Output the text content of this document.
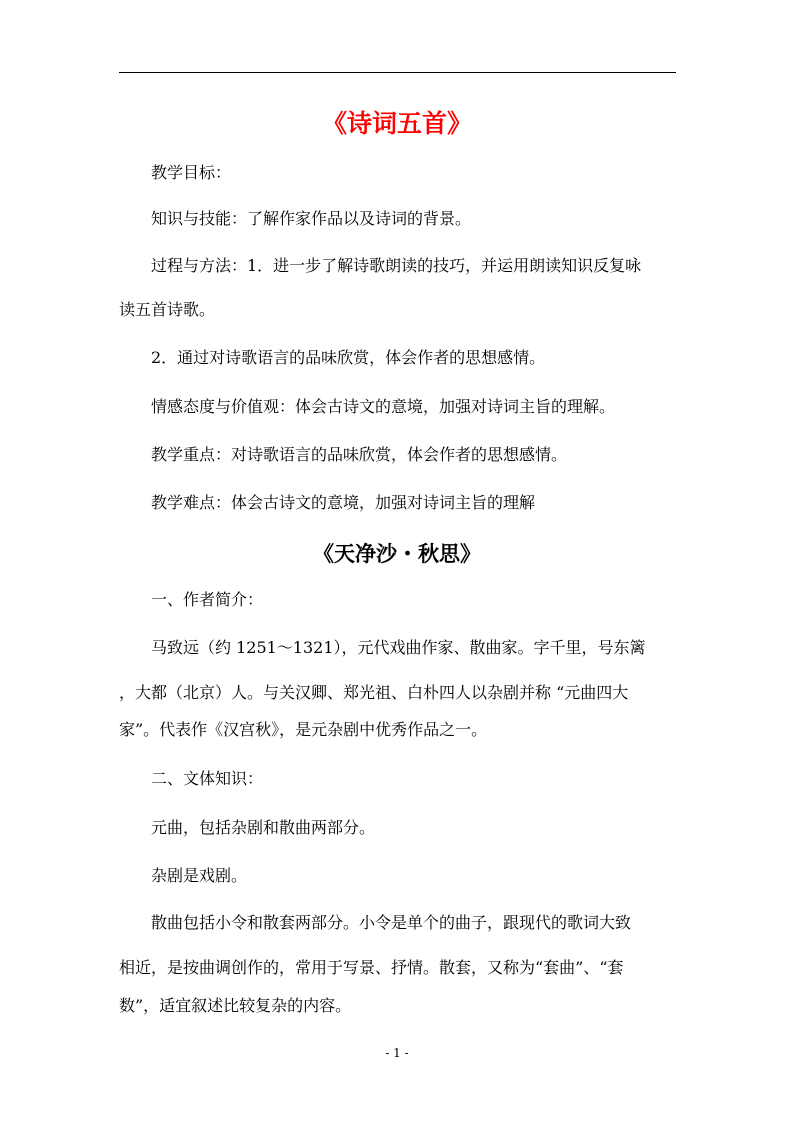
《诗词五首》
教学目标：
知识与技能：了解作家作品以及诗词的背景。
过程与方法：1．进一步了解诗歌朗读的技巧，并运用朗读知识反复咏
读五首诗歌。
2．通过对诗歌语言的品味欣赏，体会作者的思想感情。
情感态度与价值观：体会古诗文的意境，加强对诗词主旨的理解。
教学重点：对诗歌语言的品味欣赏，体会作者的思想感情。
教学难点：体会古诗文的意境，加强对诗词主旨的理解
《天净沙・秋思》
一、作者简介：
马致远（约 1251～1321），元代戏曲作家、散曲家。字千里，号东篱
，大都（北京）人。与关汉卿、郑光祖、白朴四人以杂剧并称 “元曲四大
家”。代表作《汉宫秋》，是元杂剧中优秀作品之一。
二、文体知识：
元曲，包括杂剧和散曲两部分。
杂剧是戏剧。
散曲包括小令和散套两部分。小令是单个的曲子，跟现代的歌词大致
相近，是按曲调创作的，常用于写景、抒情。散套，又称为“套曲”、“套
数”，适宜叙述比较复杂的内容。
- 1 -
